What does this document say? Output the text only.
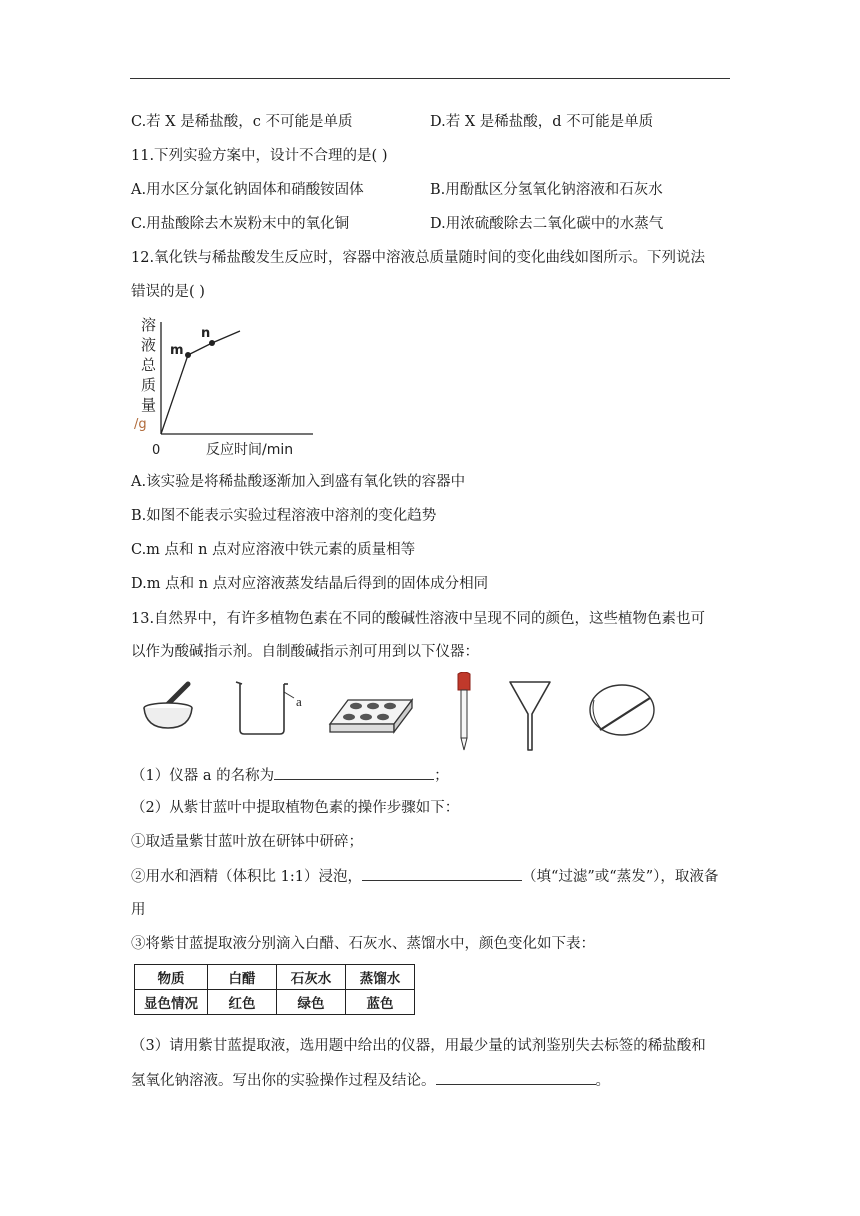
C.若 X 是稀盐酸，c 不可能是单质	D.若 X 是稀盐酸，d 不可能是单质
11.下列实验方案中，设计不合理的是( )
A.用水区分氯化钠固体和硝酸铵固体	B.用酚酞区分氢氧化钠溶液和石灰水
C.用盐酸除去木炭粉末中的氧化铜	D.用浓硫酸除去二氧化碳中的水蒸气
12.氧化铁与稀盐酸发生反应时，容器中溶液总质量随时间的变化曲线如图所示。下列说法
错误的是( )
溶
液
总
质
量
/g
0	反应时间/min
m
n
A.该实验是将稀盐酸逐渐加入到盛有氧化铁的容器中
B.如图不能表示实验过程溶液中溶剂的变化趋势
C.m 点和 n 点对应溶液中铁元素的质量相等
D.m 点和 n 点对应溶液蒸发结晶后得到的固体成分相同
13.自然界中，有许多植物色素在不同的酸碱性溶液中呈现不同的颜色，这些植物色素也可
以作为酸碱指示剂。自制酸碱指示剂可用到以下仪器：
a
（1）仪器 a 的名称为	；
（2）从紫甘蓝叶中提取植物色素的操作步骤如下：
①取适量紫甘蓝叶放在研钵中研碎；
②用水和酒精（体积比 1:1）浸泡，	（填“过滤”或“蒸发”），取液备
用
③将紫甘蓝提取液分别滴入白醋、石灰水、蒸馏水中，颜色变化如下表：
物质	白醋	石灰水	蒸馏水
显色情况	红色	绿色	蓝色
（3）请用紫甘蓝提取液，选用题中给出的仪器，用最少量的试剂鉴别失去标签的稀盐酸和
氢氧化钠溶液。写出你的实验操作过程及结论。	。
